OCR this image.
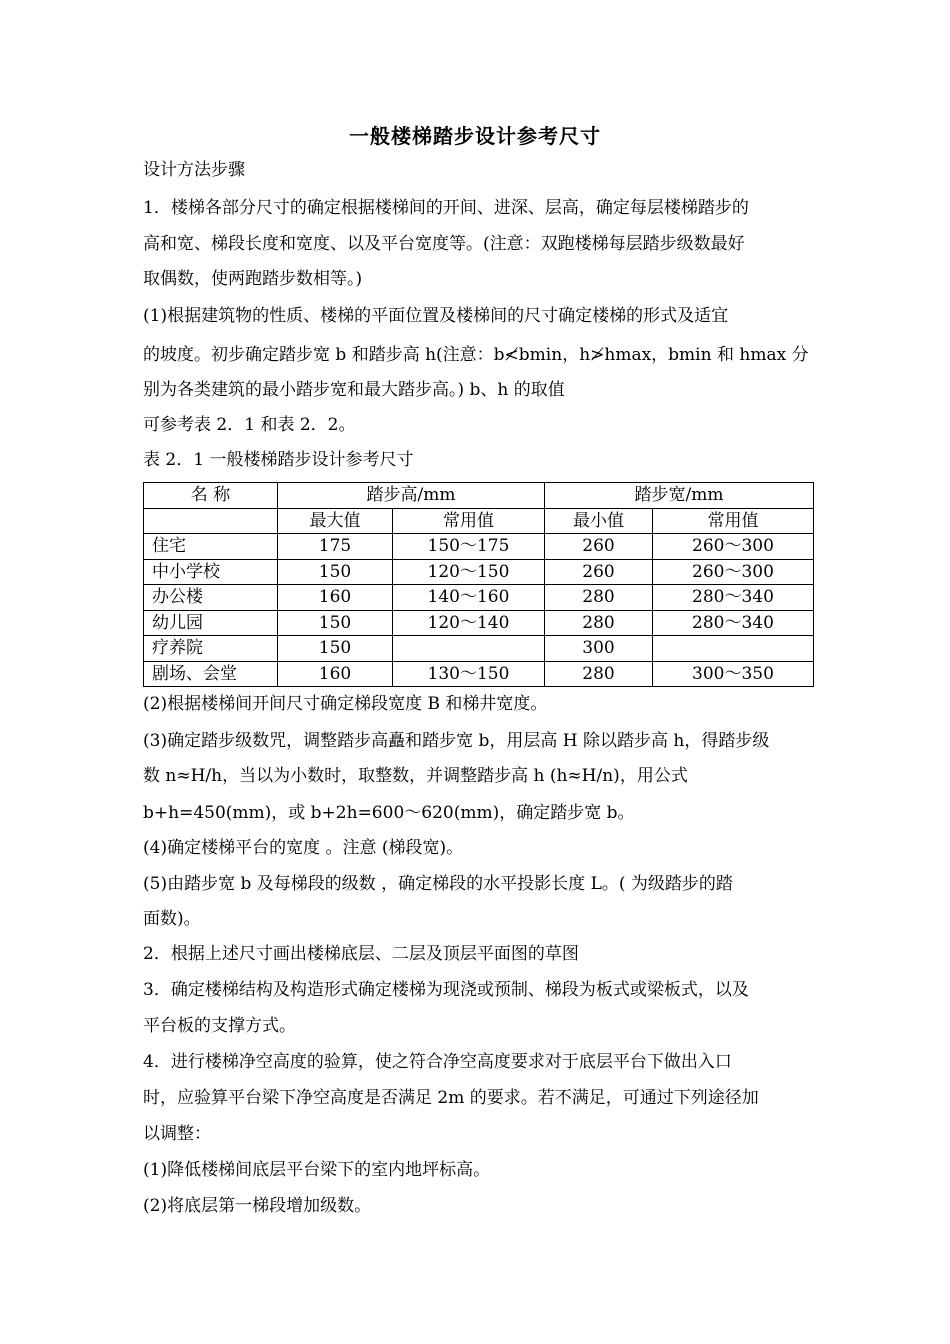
一般楼梯踏步设计参考尺寸
设计方法步骤
1．楼梯各部分尺寸的确定根据楼梯间的开间、进深、层高，确定每层楼梯踏步的
高和宽、梯段长度和宽度、以及平台宽度等。(注意：双跑楼梯每层踏步级数最好
取偶数，使两跑踏步数相等。)
(1)根据建筑物的性质、楼梯的平面位置及楼梯间的尺寸确定楼梯的形式及适宜
的坡度。初步确定踏步宽 b 和踏步高 h(注意：b≮bmin，h≯hmax，bmin 和 hmax 分
别为各类建筑的最小踏步宽和最大踏步高。) b、h 的取值
可参考表 2．1 和表 2．2。
表 2．1 一般楼梯踏步设计参考尺寸
名 称	踏步高/mm		踏步宽/mm	
	最大值	常用值	最小值	常用值
住宅	175	150～175	260	260～300
中小学校	150	120～150	260	260～300
办公楼	160	140～160	280	280～340
幼儿园	150	120～140	280	280～340
疗养院	150		300	
剧场、会堂	160	130～150	280	300～350
(2)根据楼梯间开间尺寸确定梯段宽度 B 和梯井宽度。
(3)确定踏步级数咒，调整踏步高矗和踏步宽 b，用层高 H 除以踏步高 h，得踏步级
数 n≈H/h，当以为小数时，取整数，并调整踏步高 h (h≈H/n)，用公式
b+h=450(mm)，或 b+2h=600～620(mm)，确定踏步宽 b。
(4)确定楼梯平台的宽度 。注意 (梯段宽)。
(5)由踏步宽 b 及每梯段的级数 ，确定梯段的水平投影长度 L。( 为级踏步的踏
面数)。
2．根据上述尺寸画出楼梯底层、二层及顶层平面图的草图
3．确定楼梯结构及构造形式确定楼梯为现浇或预制、梯段为板式或梁板式，以及
平台板的支撑方式。
4．进行楼梯净空高度的验算，使之符合净空高度要求对于底层平台下做出入口
时，应验算平台梁下净空高度是否满足 2m 的要求。若不满足，可通过下列途径加
以调整：
(1)降低楼梯间底层平台梁下的室内地坪标高。
(2)将底层第一梯段增加级数。
